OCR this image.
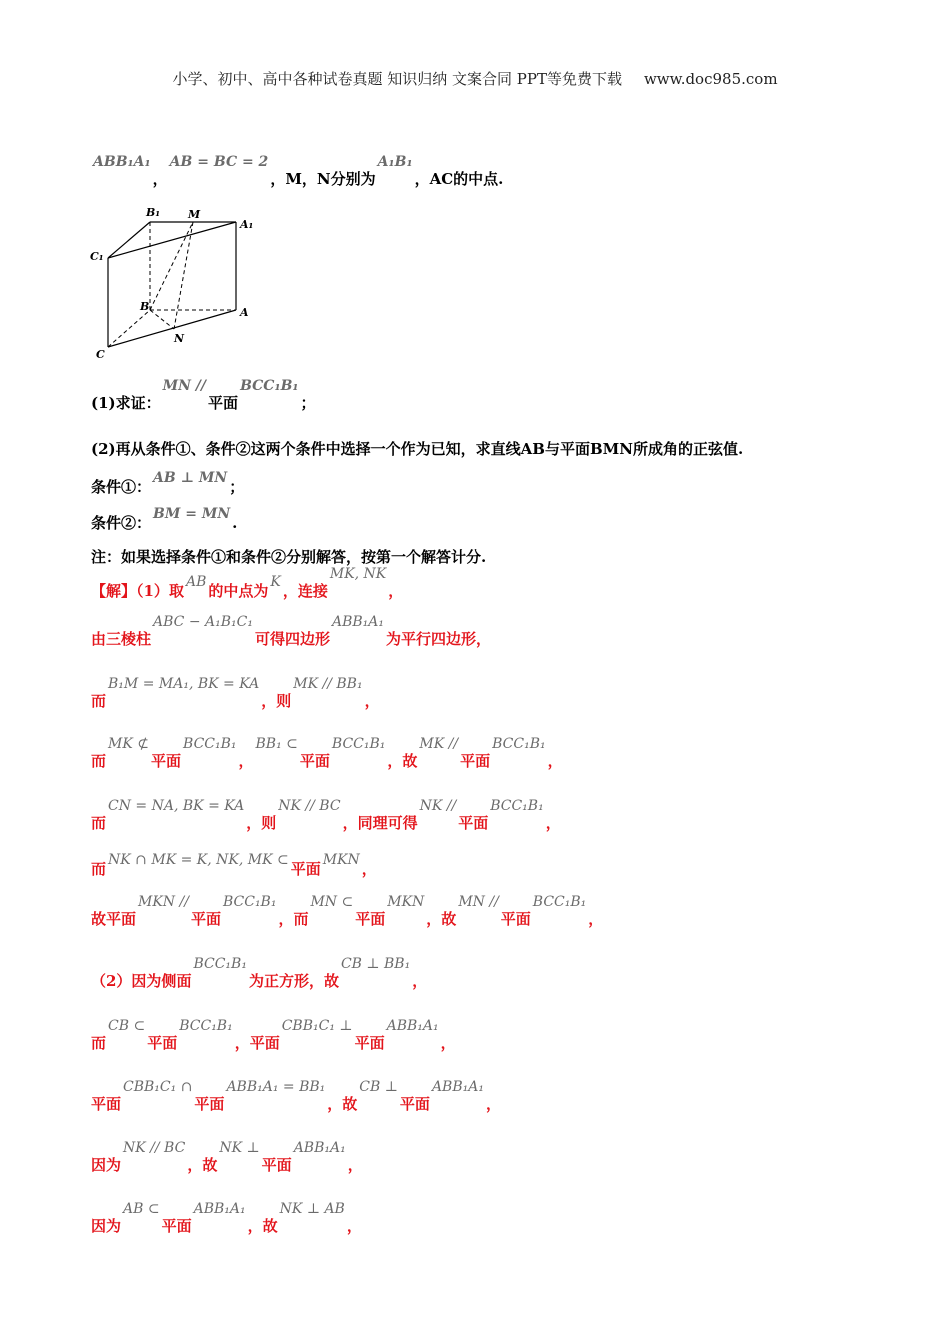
小学、初中、高中各种试卷真题 知识归纳 文案合同 PPT等免费下载 www.doc985.com
ABB₁A₁，AB = BC = 2，M，N分别为A₁B₁，AC的中点.
B₁	M
A₁
C₁
B	A
N
C
(1)求证：MN //平面BCC₁B₁；
(2)再从条件①、条件②这两个条件中选择一个作为已知，求直线AB与平面BMN所成角的正弦值.
条件①： AB ⊥ MN ；
条件②： BM = MN .
注：如果选择条件①和条件②分别解答，按第一个解答计分.
【解】（1）取 AB 的中点为 K ，连接MK, NK，
由三棱柱ABC − A₁B₁C₁可得四边形ABB₁A₁为平行四边形，
而B₁M = MA₁, BK = KA，则MK // BB₁，
而MK ⊄平面BCC₁B₁，BB₁ ⊂平面BCC₁B₁，故MK //平面BCC₁B₁，
而CN = NA, BK = KA，则NK // BC，同理可得NK //平面BCC₁B₁，
而 NK ∩ MK = K, NK, MK ⊂ 平面 MKN ，
故平面MKN //平面BCC₁B₁，而MN ⊂平面MKN，故MN //平面BCC₁B₁，
（2）因为侧面BCC₁B₁为正方形，故CB ⊥ BB₁，
而CB ⊂平面BCC₁B₁，平面CBB₁C₁ ⊥平面ABB₁A₁，
平面CBB₁C₁ ∩平面ABB₁A₁ = BB₁，故CB ⊥平面ABB₁A₁，
因为NK // BC，故NK ⊥平面ABB₁A₁，
因为AB ⊂平面ABB₁A₁，故NK ⊥ AB，
